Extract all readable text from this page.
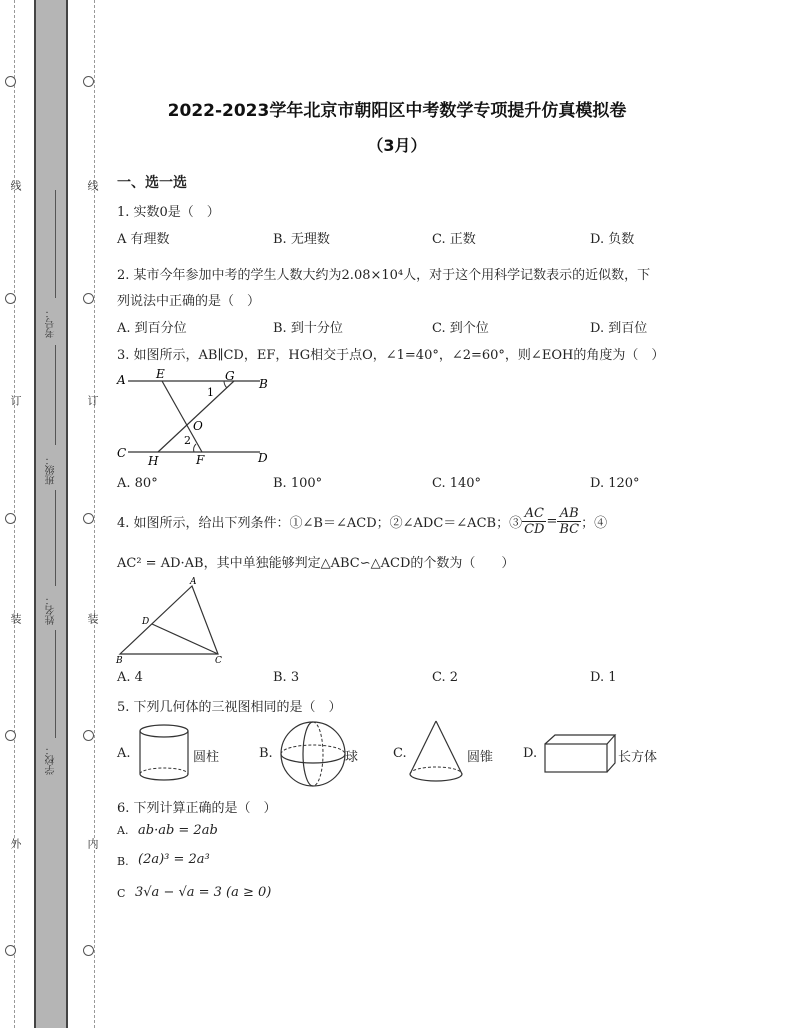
线
订
装
外
线
订
装
内
考号：
班级：
姓名：
学校：
2022-2023学年北京市朝阳区中考数学专项提升仿真模拟卷
（3月）
一、选一选
1. 实数0是（　）
A 有理数	B. 无理数	C. 正数	D. 负数
2. 某市今年参加中考的学生人数大约为2.08×10⁴人，对于这个用科学记数表示的近似数，下
列说法中正确的是（　）
A. 到百分位	B. 到十分位	C. 到个位	D. 到百位
3. 如图所示，AB∥CD，EF，HG相交于点O，∠1=40°，∠2=60°，则∠EOH的角度为（　）
A	E	G
B
1
O
2
C
H	F	D
A. 80°	B. 100°	C. 140°	D. 120°
4. 如图所示，给出下列条件：①∠B＝∠ACD；②∠ADC＝∠ACB；③ $\frac{AC}{CD} = \frac{AB}{BC}$ ；④
AC² = AD·AB，其中单独能够判定△ABC∽△ACD的个数为（　　）
A
D
B	C
A. 4	B. 3	C. 2	D. 1
5. 下列几何体的三视图相同的是（　）
A.	圆柱	B.	球	C.	圆锥 D.	长方体
6. 下列计算正确的是（　）
A. ab·ab = 2ab
B. (2a)³ = 2a³
C 3√a − √a = 3 (a ≥ 0)
